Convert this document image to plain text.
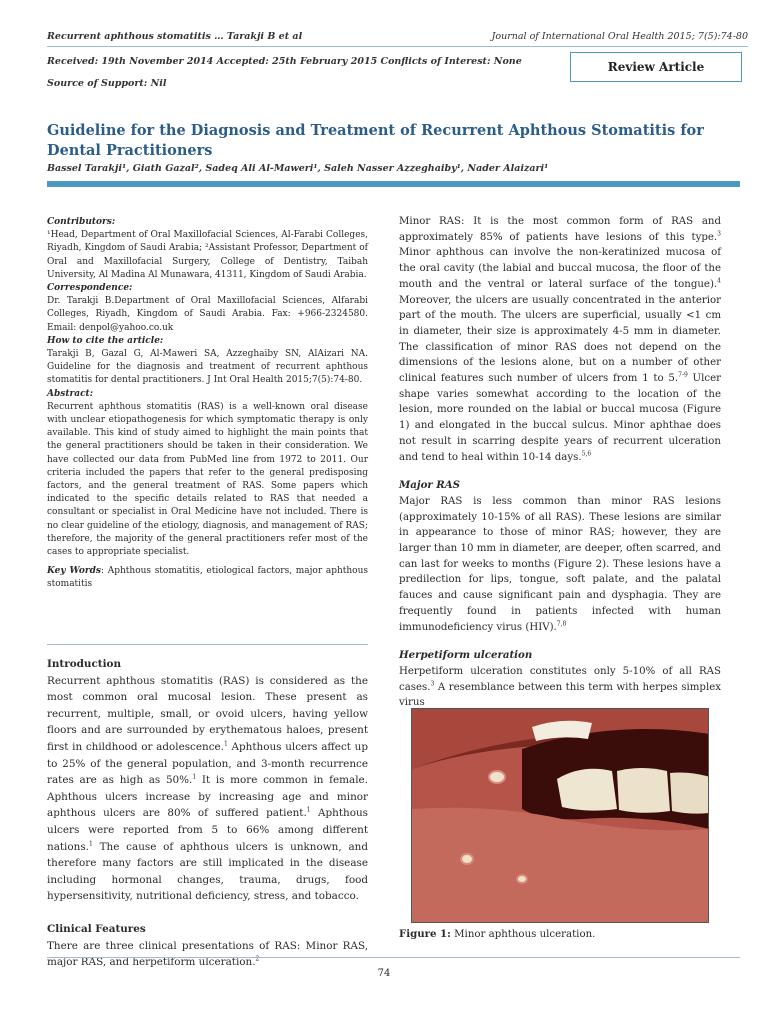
Recurrent aphthous stomatitis … Tarakji B et al	Journal of International Oral Health 2015; 7(5):74-80
Received: 19th November 2014 Accepted: 25th February 2015 Conflicts of Interest: None
Source of Support: Nil
Review Article
Guideline for the Diagnosis and Treatment of Recurrent Aphthous Stomatitis for Dental Practitioners
Bassel Tarakji¹, Giath Gazal², Sadeq Ali Al-Maweri¹, Saleh Nasser Azzeghaiby¹, Nader Alaizari¹

Contributors:

¹Head, Department of Oral Maxillofacial Sciences, Al-Farabi Colleges, Riyadh, Kingdom of Saudi Arabia; ²Assistant Professor, Department of Oral and Maxillofacial Surgery, College of Dentistry, Taibah University, Al Madina Al Munawara, 41311, Kingdom of Saudi Arabia.

Correspondence:

Dr. Tarakji B.Department of Oral Maxillofacial Sciences, Alfarabi Colleges, Riyadh, Kingdom of Saudi Arabia. Fax: +966-2324580. Email: denpol@yahoo.co.uk

How to cite the article:

Tarakji B, Gazal G, Al-Maweri SA, Azzeghaiby SN, AlAizari NA. Guideline for the diagnosis and treatment of recurrent aphthous stomatitis for dental practitioners. J Int Oral Health 2015;7(5):74-80.

Abstract:

Recurrent aphthous stomatitis (RAS) is a well-known oral disease with unclear etiopathogenesis for which symptomatic therapy is only available. This kind of study aimed to highlight the main points that the general practitioners should be taken in their consideration. We have collected our data from PubMed line from 1972 to 2011. Our criteria included the papers that refer to the general predisposing factors, and the general treatment of RAS. Some papers which indicated to the specific details related to RAS that needed a consultant or specialist in Oral Medicine have not included. There is no clear guideline of the etiology, diagnosis, and management of RAS; therefore, the majority of the general practitioners refer most of the cases to appropriate specialist.

Key Words: Aphthous stomatitis, etiological factors, major aphthous stomatitis

Introduction

Recurrent aphthous stomatitis (RAS) is considered as the most common oral mucosal lesion. These present as recurrent, multiple, small, or ovoid ulcers, having yellow floors and are surrounded by erythematous haloes, present first in childhood or adolescence.$^1$ Aphthous ulcers affect up to 25% of the general population, and 3-month recurrence rates are as high as 50%.$^1$ It is more common in female. Aphthous ulcers increase by increasing age and minor aphthous ulcers are 80% of suffered patient.$^1$ Aphthous ulcers were reported from 5 to 66% among different nations.$^1$ The cause of aphthous ulcers is unknown, and therefore many factors are still implicated in the disease including hormonal changes, trauma, drugs, food hypersensitivity, nutritional deficiency, stress, and tobacco.

Clinical Features

There are three clinical presentations of RAS: Minor RAS, major RAS, and herpetiform ulceration.$^2$

Minor RAS: It is the most common form of RAS and approximately 85% of patients have lesions of this type.$^3$ Minor aphthous can involve the non-keratinized mucosa of the oral cavity (the labial and buccal mucosa, the floor of the mouth and the ventral or lateral surface of the tongue).$^4$ Moreover, the ulcers are usually concentrated in the anterior part of the mouth. The ulcers are superficial, usually <1 cm in diameter, their size is approximately 4-5 mm in diameter. The classification of minor RAS does not depend on the dimensions of the lesions alone, but on a number of other clinical features such number of ulcers from 1 to 5.$^{7-9}$ Ulcer shape varies somewhat according to the location of the lesion, more rounded on the labial or buccal mucosa (Figure 1) and elongated in the buccal sulcus. Minor aphthae does not result in scarring despite years of recurrent ulceration and tend to heal within 10-14 days.$^{5,6}$

Major RAS

Major RAS is less common than minor RAS lesions (approximately 10-15% of all RAS). These lesions are similar in appearance to those of minor RAS; however, they are larger than 10 mm in diameter, are deeper, often scarred, and can last for weeks to months (Figure 2). These lesions have a predilection for lips, tongue, soft palate, and the palatal fauces and cause significant pain and dysphagia. They are frequently found in patients infected with human immunodeficiency virus (HIV).$^{7,8}$

Herpetiform ulceration

Herpetiform ulceration constitutes only 5-10% of all RAS cases.$^3$ A resemblance between this term with herpes simplex virus

Figure 1: Minor aphthous ulceration.
74
